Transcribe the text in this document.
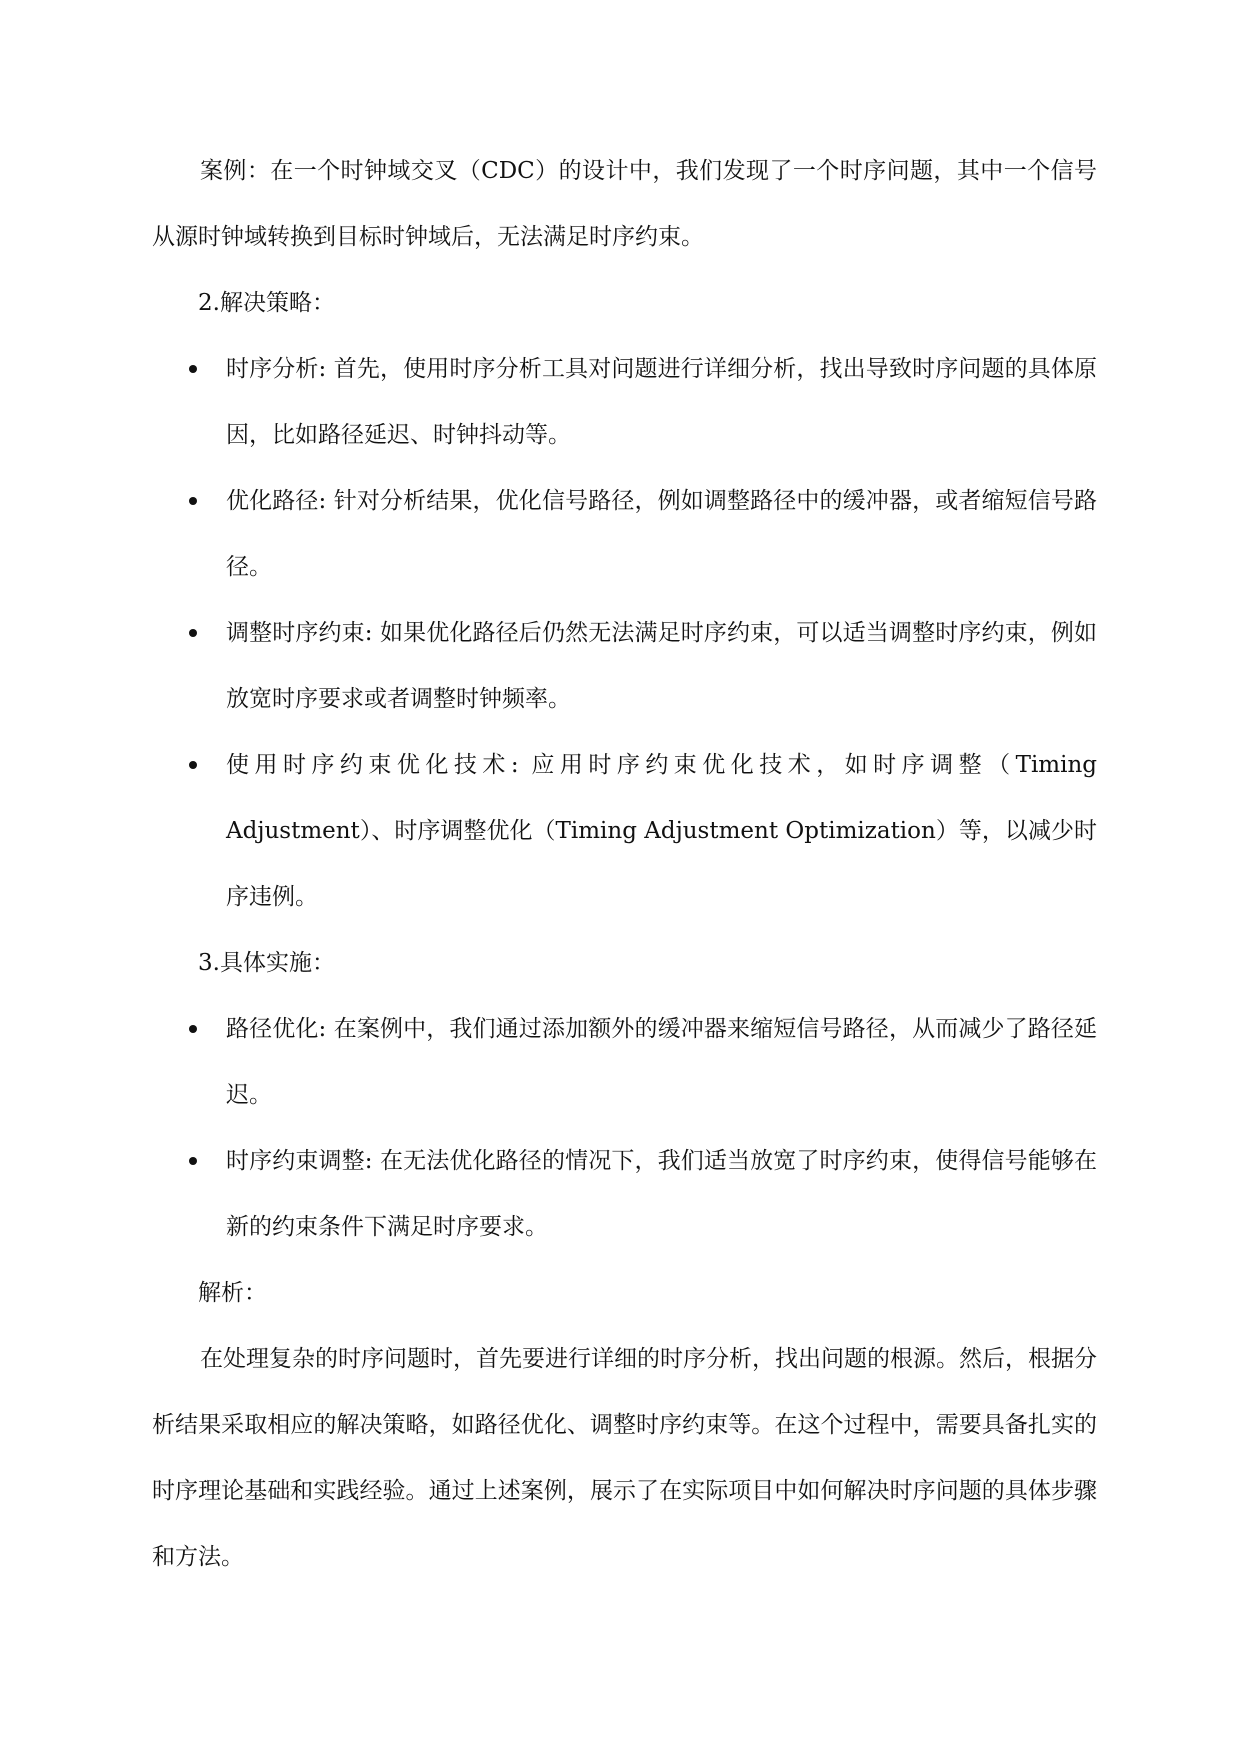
案例：在一个时钟域交叉（CDC）的设计中，我们发现了一个时序问题，其中一个信号从源时钟域转换到目标时钟域后，无法满足时序约束。

2.解决策略：
时序分析: 首先，使用时序分析工具对问题进行详细分析，找出导致时序问题的具体原因，比如路径延迟、时钟抖动等。
优化路径: 针对分析结果，优化信号路径，例如调整路径中的缓冲器，或者缩短信号路径。
调整时序约束: 如果优化路径后仍然无法满足时序约束，可以适当调整时序约束，例如放宽时序要求或者调整时钟频率。
使用时序约束优化技术: 应用时序约束优化技术，如时序调整（Timing Adjustment）、时序调整优化（Timing Adjustment Optimization）等，以减少时序违例。
3.具体实施：
路径优化: 在案例中，我们通过添加额外的缓冲器来缩短信号路径，从而减少了路径延迟。
时序约束调整: 在无法优化路径的情况下，我们适当放宽了时序约束，使得信号能够在新的约束条件下满足时序要求。
解析：

在处理复杂的时序问题时，首先要进行详细的时序分析，找出问题的根源。然后，根据分析结果采取相应的解决策略，如路径优化、调整时序约束等。在这个过程中，需要具备扎实的时序理论基础和实践经验。通过上述案例，展示了在实际项目中如何解决时序问题的具体步骤和方法。
